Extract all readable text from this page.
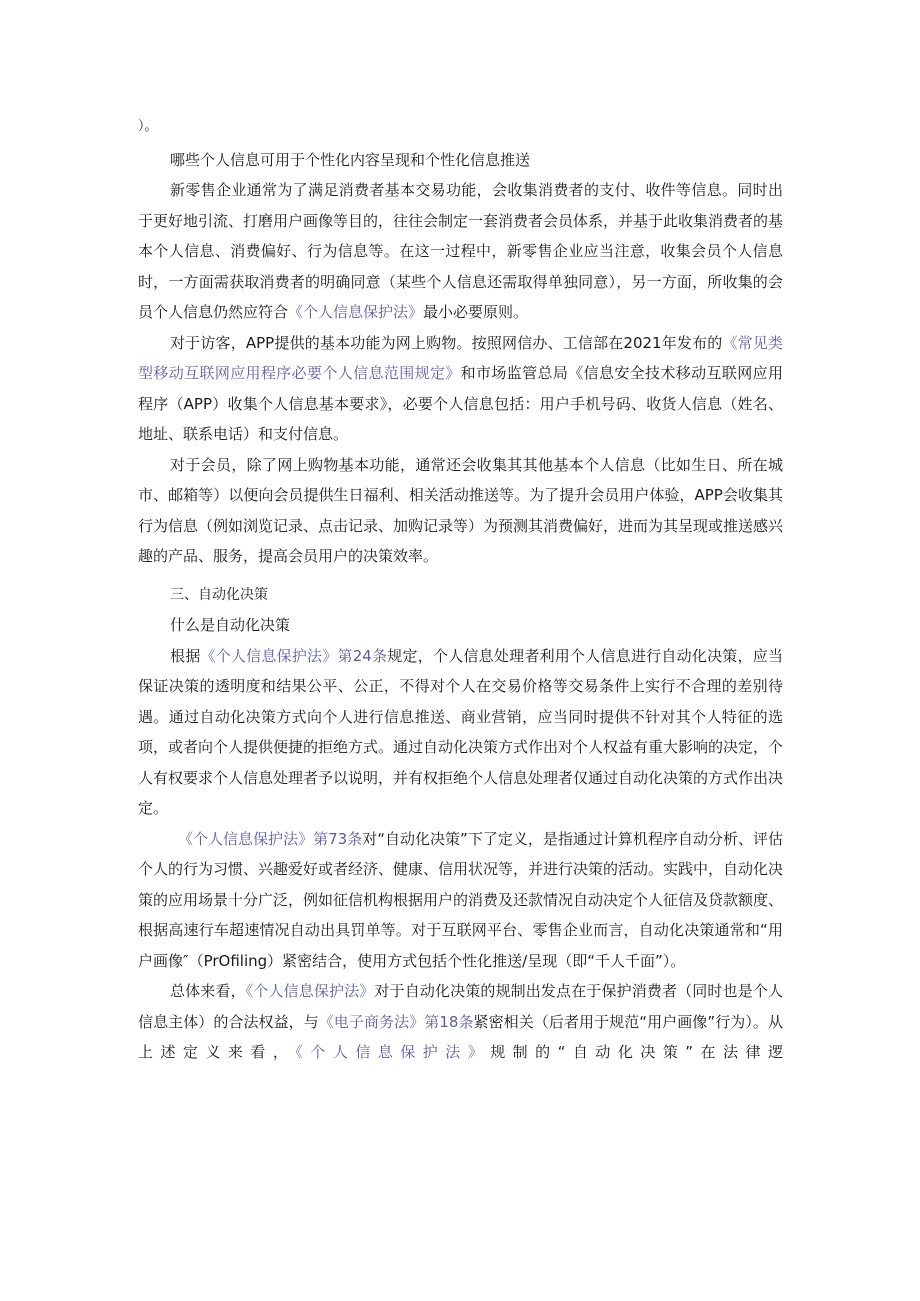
）。

哪些个人信息可用于个性化内容呈现和个性化信息推送

新零售企业通常为了满足消费者基本交易功能，会收集消费者的支付、收件等信息。同时出于更好地引流、打磨用户画像等目的，往往会制定一套消费者会员体系，并基于此收集消费者的基本个人信息、消费偏好、行为信息等。在这一过程中，新零售企业应当注意，收集会员个人信息时，一方面需获取消费者的明确同意（某些个人信息还需取得单独同意），另一方面，所收集的会员个人信息仍然应符合《个人信息保护法》最小必要原则。

对于访客，APP提供的基本功能为网上购物。按照网信办、工信部在2021年发布的《常见类型移动互联网应用程序必要个人信息范围规定》和市场监管总局《信息安全技术移动互联网应用程序（APP）收集个人信息基本要求》，必要个人信息包括：用户手机号码、收货人信息（姓名、地址、联系电话）和支付信息。

对于会员，除了网上购物基本功能，通常还会收集其其他基本个人信息（比如生日、所在城市、邮箱等）以便向会员提供生日福利、相关活动推送等。为了提升会员用户体验，APP会收集其行为信息（例如浏览记录、点击记录、加购记录等）为预测其消费偏好，进而为其呈现或推送感兴趣的产品、服务，提高会员用户的决策效率。

三、自动化决策

什么是自动化决策

根据《个人信息保护法》第24条规定，个人信息处理者利用个人信息进行自动化决策，应当保证决策的透明度和结果公平、公正，不得对个人在交易价格等交易条件上实行不合理的差别待遇。通过自动化决策方式向个人进行信息推送、商业营销，应当同时提供不针对其个人特征的选项，或者向个人提供便捷的拒绝方式。通过自动化决策方式作出对个人权益有重大影响的决定，个人有权要求个人信息处理者予以说明，并有权拒绝个人信息处理者仅通过自动化决策的方式作出决定。

《个人信息保护法》第73条对“自动化决策”下了定义，是指通过计算机程序自动分析、评估个人的行为习惯、兴趣爱好或者经济、健康、信用状况等，并进行决策的活动。实践中，自动化决策的应用场景十分广泛，例如征信机构根据用户的消费及还款情况自动决定个人征信及贷款额度、根据高速行车超速情况自动出具罚单等。对于互联网平台、零售企业而言，自动化决策通常和“用户画像″（PrOfiling）紧密结合，使用方式包括个性化推送/呈现（即“千人千面”）。

总体来看，《个人信息保护法》对于自动化决策的规制出发点在于保护消费者（同时也是个人信息主体）的合法权益，与《电子商务法》第18条紧密相关（后者用于规范“用户画像”行为）。从上述定义来看，《个人信息保护法》规制的“自动化决策”在法律逻
